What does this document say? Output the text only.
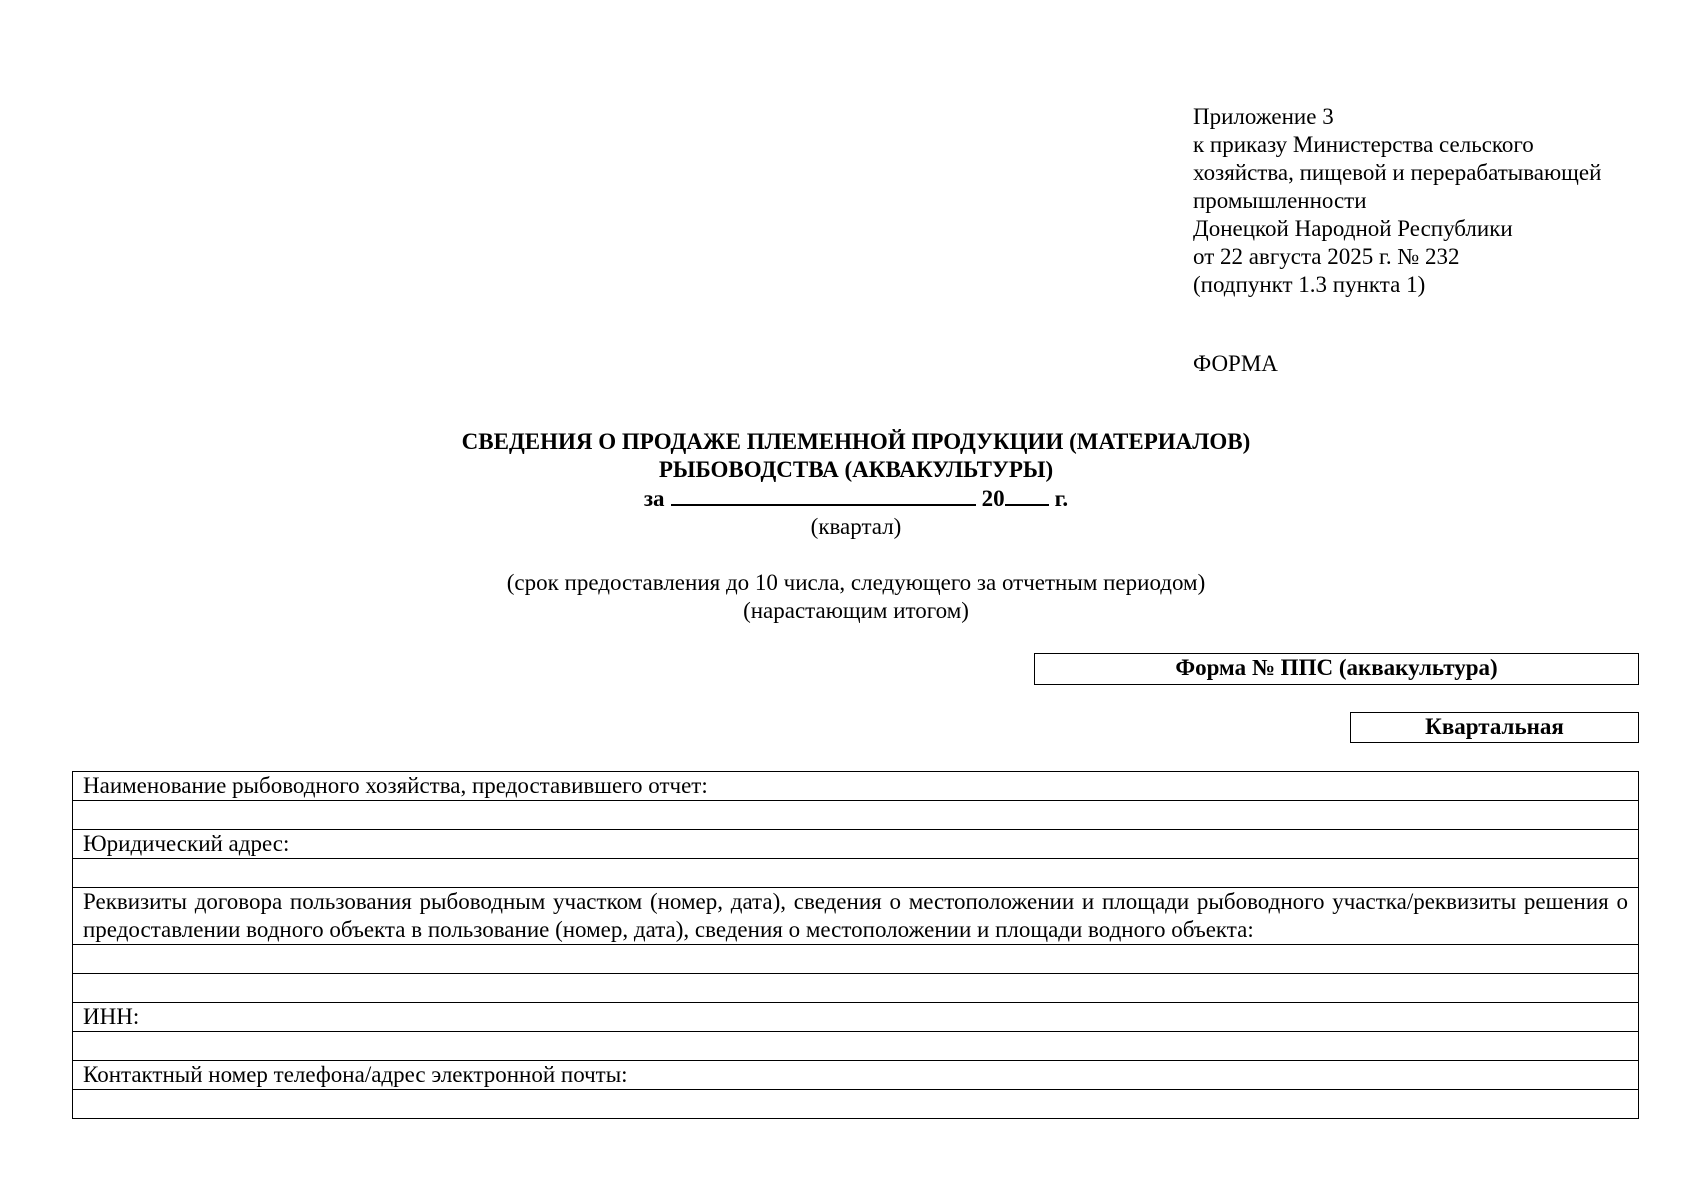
Приложение 3
к приказу Министерства сельского
хозяйства, пищевой и перерабатывающей
промышленности
Донецкой Народной Республики
от 22 августа 2025 г. № 232
(подпункт 1.3 пункта 1)
ФОРМА
СВЕДЕНИЯ О ПРОДАЖЕ ПЛЕМЕННОЙ ПРОДУКЦИИ (МАТЕРИАЛОВ)
РЫБОВОДСТВА (АКВАКУЛЬТУРЫ)
за	20 г.
(квартал)
(срок предоставления до 10 числа, следующего за отчетным периодом)
(нарастающим итогом)
Форма № ППС (аквакультура)
Квартальная
Наименование рыбоводного хозяйства, предоставившего отчет:

Юридический адрес:

Реквизиты договора пользования рыбоводным участком (номер, дата), сведения о местоположении и площади рыбоводного участка/реквизиты решения о предоставлении водного объекта в пользование (номер, дата), сведения о местоположении и площади водного объекта:

ИНН:

Контактный номер телефона/адрес электронной почты:
